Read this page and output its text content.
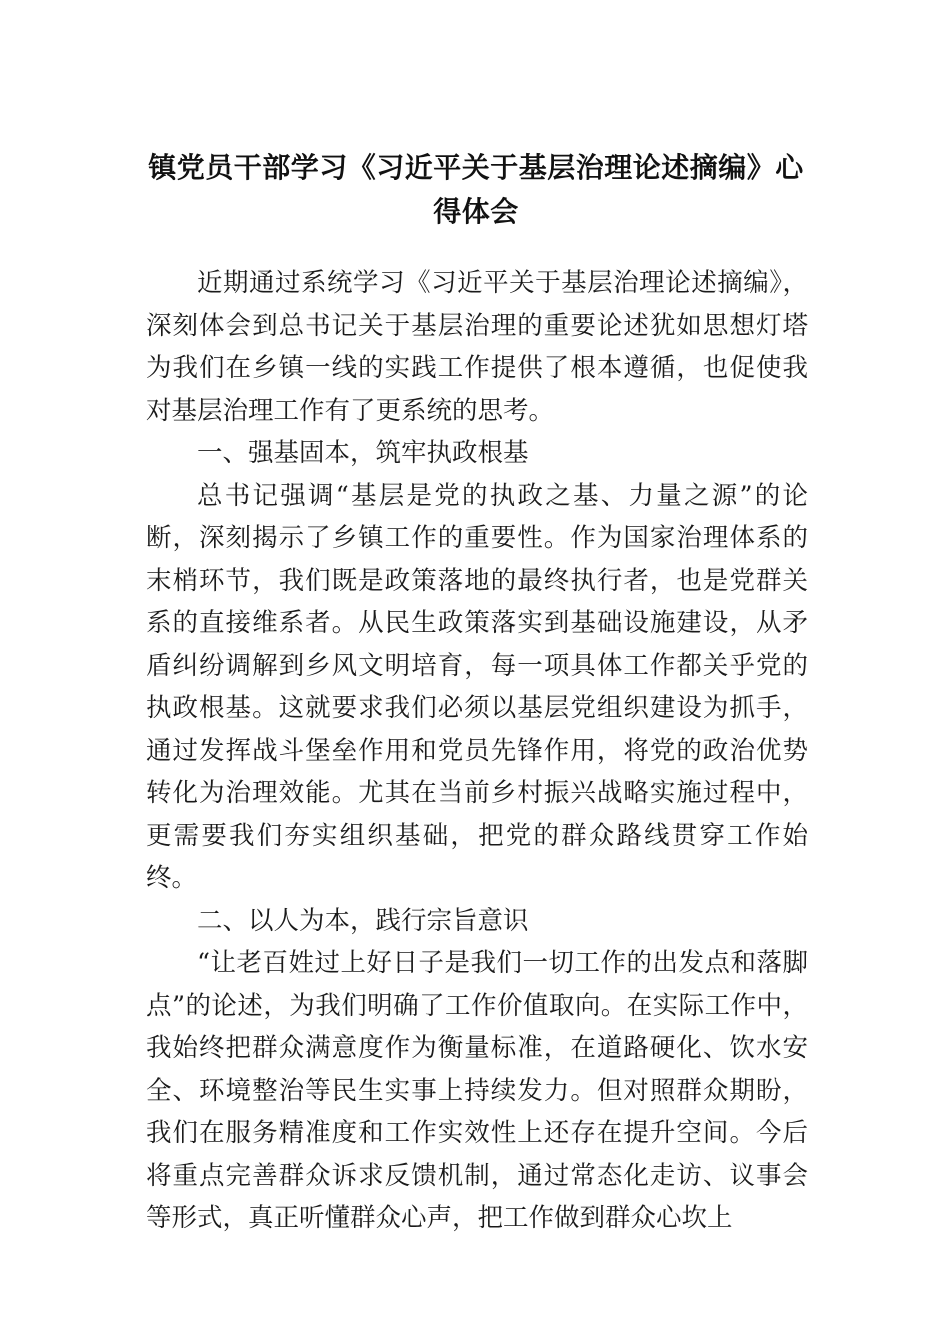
镇党员干部学习《习近平关于基层治理论述摘编》心得体会

近期通过系统学习《习近平关于基层治理论述摘编》，深刻体会到总书记关于基层治理的重要论述犹如思想灯塔为我们在乡镇一线的实践工作提供了根本遵循，也促使我对基层治理工作有了更系统的思考。

一、强基固本，筑牢执政根基

总书记强调“基层是党的执政之基、力量之源”的论断，深刻揭示了乡镇工作的重要性。作为国家治理体系的末梢环节，我们既是政策落地的最终执行者，也是党群关系的直接维系者。从民生政策落实到基础设施建设，从矛盾纠纷调解到乡风文明培育，每一项具体工作都关乎党的执政根基。这就要求我们必须以基层党组织建设为抓手，通过发挥战斗堡垒作用和党员先锋作用，将党的政治优势转化为治理效能。尤其在当前乡村振兴战略实施过程中，更需要我们夯实组织基础，把党的群众路线贯穿工作始终。

二、以人为本，践行宗旨意识

“让老百姓过上好日子是我们一切工作的出发点和落脚点”的论述，为我们明确了工作价值取向。在实际工作中，我始终把群众满意度作为衡量标准，在道路硬化、饮水安全、环境整治等民生实事上持续发力。但对照群众期盼，我们在服务精准度和工作实效性上还存在提升空间。今后将重点完善群众诉求反馈机制，通过常态化走访、议事会等形式，真正听懂群众心声，把工作做到群众心坎上
